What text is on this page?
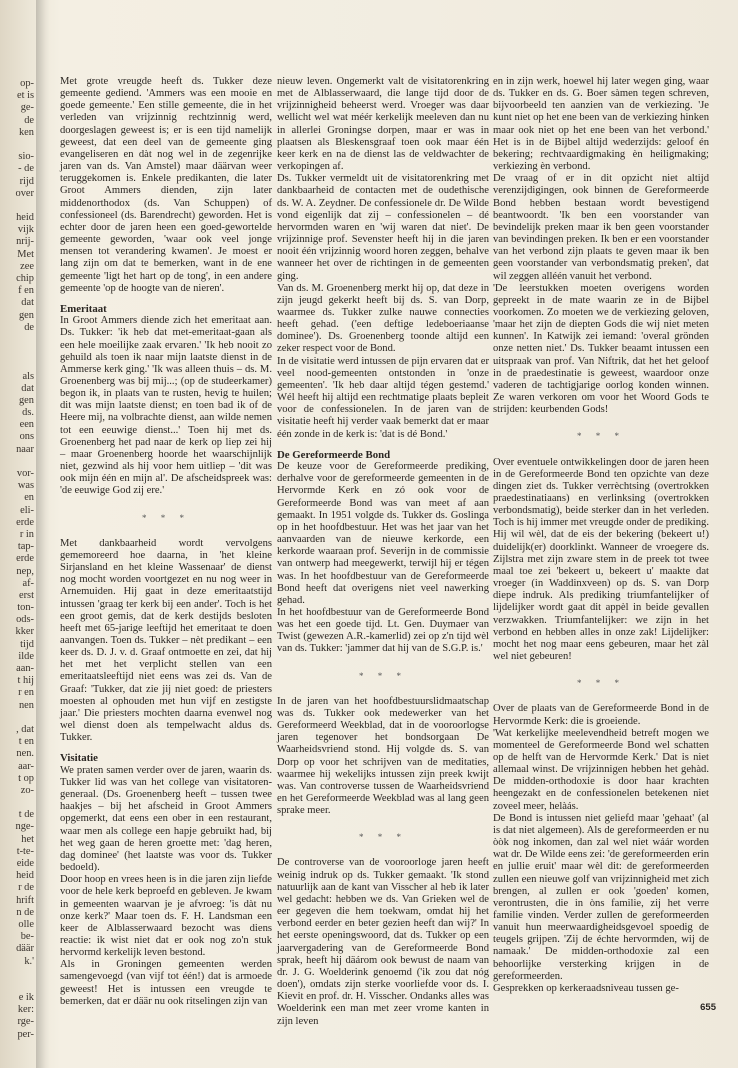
op-
et is
ge-
de
ken
sio-
- de
rijd
over
heid
vijk
nrij-
Met
zee
chip
f en
dat
gen
de
als
dat
gen
ds.
een
ons
naar
vor-
was
en
eli-
erde
r in
tap-
erde
nep,
af-
erst
ton-
ods-
kker
tijd
ilde
aan-
t hij
r en
nen
, dat
t en
nen.
aar-
t op
zo-
t de
nge-
het
t-te-
eide
heid
r de
hrift
n de
olle
be-
däär
k.'
e ik
ker:
rge-
per-

Met grote vreugde heeft ds. Tukker deze gemeente gediend. 'Ammers was een mooie en goede gemeente.' Een stille gemeente, die in het verleden van vrijzinnig rechtzinnig werd, doorgeslagen geweest is; er is een tijd namelijk geweest, dat een deel van de gemeente ging evangeliseren en dàt nog wel in de zegenrijke jaren van ds. Van Amstel) maar däärvan weer teruggekomen is. Enkele predikanten, die later Groot Ammers dienden, zijn later middenorthodox (ds. Van Schuppen) of confessioneel (ds. Barendrecht) geworden. Het is echter door de jaren heen een goed-gewortelde gemeente geworden, 'waar ook veel jonge mensen tot verandering kwamen'. Je moest er lang zijn om dat te bemerken, want in de ene gemeente 'ligt het hart op de tong', in een andere gemeente 'op de hoogte van de nieren'.

Emeritaat

In Groot Ammers diende zich het emeritaat aan. Ds. Tukker: 'ik heb dat met-emeritaat-gaan als een hele moeilijke zaak ervaren.' 'Ik heb nooit zo gehuild als toen ik naar mijn laatste dienst in de Ammerse kerk ging.' 'Ik was alleen thuis – ds. M. Groenenberg was bij mij...; (op de studeerkamer) begon ik, in plaats van te rusten, hevig te huilen; dit was mijn laatste dienst; en toen bad ik of de Heere mij, na volbrachte dienst, aan wilde nemen tot een eeuwige dienst...' Toen hij met ds. Groenenberg het pad naar de kerk op liep zei hij – maar Groenenberg hoorde het waarschijnlijk niet, gezwind als hij voor hem uitliep – 'dit was ook mijn één en mijn al'. De afscheidspreek was: 'de eeuwige God zij ere.'

* * *

Met dankbaarheid wordt vervolgens gememoreerd hoe daarna, in 'het kleine Sirjansland en het kleine Wassenaar' de dienst nog mocht worden voortgezet en nu nog weer in Arnemuiden. Hij gaat in deze emeritaatstijd intussen 'graag ter kerk bij een ander'. Toch is het een groot gemis, dat de kerk destijds besloten heeft met 65-jarige leeftijd het emeritaat te doen aanvangen. Toen ds. Tukker – nèt predikant – een keer ds. D. J. v. d. Graaf ontmoette en zei, dat hij het met het verplicht stellen van een emeritaatsleeftijd niet eens was zei ds. Van de Graaf: 'Tukker, dat zie jij niet goed: de priesters moesten al ophouden met hun vijf en zestigste jaar.' Die priesters mochten daarna evenwel nog wel dienst doen als tempelwacht aldus ds. Tukker.

Visitatie

We praten samen verder over de jaren, waarin ds. Tukker lid was van het college van visitatoren-generaal. (Ds. Groenenberg heeft – tussen twee haakjes – bij het afscheid in Groot Ammers opgemerkt, dat eens een ober in een restaurant, waar men als college een hapje gebruikt had, bij het weg gaan de heren groette met: 'dag heren, dag dominee' (het laatste was voor ds. Tukker bedoeld).

Door hoop en vrees heen is in die jaren zijn liefde voor de hele kerk beproefd en gebleven. Je kwam in gemeenten waarvan je je afvroeg: 'is dàt nu onze kerk?' Maar toen ds. F. H. Landsman een keer de Alblasserwaard bezocht was diens reactie: ik wist niet dat er ook nog zo'n stuk hervormd kerkelijk leven bestond.

Als in Groningen gemeenten werden samengevoegd (van vijf tot één!) dat is armoede geweest! Het is intussen een vreugde te bemerken, dat er däär nu ook ritselingen zijn van

nieuw leven. Ongemerkt valt de visitatorenkring met de Alblasserwaard, die lange tijd door de vrijzinnigheid beheerst werd. Vroeger was daar wellicht wel wat méér kerkelijk meeleven dan nu in allerlei Groningse dorpen, maar er was in plaatsen als Bleskensgraaf toen ook maar één keer kerk en na de dienst las de veldwachter de verkopingen af.

Ds. Tukker vermeldt uit de visitatorenkring met dankbaarheid de contacten met de oudethische ds. W. A. Zeydner. De confessionele dr. De Wilde vond eigenlijk dat zij – confessionelen – dé hervormden waren en 'wij waren dat niet'. De vrijzinnige prof. Sevenster heeft hij in die jaren nooit één vrijzinnig woord horen zeggen, behalve wanneer het over de richtingen in de gemeenten ging.

Van ds. M. Groenenberg merkt hij op, dat deze in zijn jeugd gekerkt heeft bij ds. S. van Dorp, waarmee ds. Tukker zulke nauwe connecties heeft gehad. ('een deftige ledeboeriaanse dominee'). Ds. Groenenberg toonde altijd een zeker respect voor de Bond.

In de visitatie werd intussen de pijn ervaren dat er veel nood-gemeenten ontstonden in 'onze gemeenten'. 'Ik heb daar altijd tégen gestemd.' Wél heeft hij altijd een rechtmatige plaats bepleit voor de confessionelen. In de jaren van de visitatie heeft hij verder vaak bemerkt dat er maar één zonde in de kerk is: 'dat is dé Bond.'

De Gereformeerde Bond

De keuze voor de Gereformeerde prediking, derhalve voor de gereformeerde gemeenten in de Hervormde Kerk en zó ook voor de Gereformeerde Bond was van meet af aan gemaakt. In 1951 volgde ds. Tukker ds. Goslinga op in het hoofdbestuur. Het was het jaar van het aanvaarden van de nieuwe kerkorde, een kerkorde waaraan prof. Severijn in de commissie van ontwerp had meegewerkt, terwijl hij er tégen was. In het hoofdbestuur van de Gereformeerde Bond heeft dat overigens niet veel nawerking gehad.

In het hoofdbestuur van de Gereformeerde Bond was het een goede tijd. Lt. Gen. Duymaer van Twist (gewezen A.R.-kamerlid) zei op z'n tijd wèl van ds. Tukker: 'jammer dat hij van de S.G.P. is.'

* * *

In de jaren van het hoofdbestuurslidmaatschap was ds. Tukker ook medewerker van het Gereformeerd Weekblad, dat in de vooroorlogse jaren tegenover het bondsorgaan De Waarheidsvriend stond. Hij volgde ds. S. van Dorp op voor het schrijven van de meditaties, waarmee hij wekelijks intussen zijn preek kwijt was. Van controverse tussen de Waarheidsvriend en het Gereformeerde Weekblad was al lang geen sprake meer.

* * *

De controverse van de vooroorloge jaren heeft weinig indruk op ds. Tukker gemaakt. 'Ik stond natuurlijk aan de kant van Visscher al heb ik later wel gedacht: hebben we ds. Van Grieken wel de eer gegeven die hem toekwam, omdat hij het verbond eerder en beter gezien heeft dan wij?' In het eerste openingswoord, dat ds. Tukker op een jaarvergadering van de Gereformeerde Bond sprak, heeft hij däárom ook bewust de naam van dr. J. G. Woelderink genoemd ('ik zou dat nóg doen'), omdats zijn sterke voorliefde voor ds. I. Kievit en prof. dr. H. Visscher. Ondanks alles was Woelderink een man met zeer vrome kanten in zijn leven

en in zijn werk, hoewel hij later wegen ging, waar ds. Tukker en ds. G. Boer sàmen tegen schreven, bijvoorbeeld ten aanzien van de verkiezing. 'Je kunt niet op het ene been van de verkiezing hinken maar ook niet op het ene been van het verbond.' Het is in de Bijbel altijd wederzijds: geloof én bekering; rechtvaardigmaking èn heiligmaking; verkiezing èn verbond.

De vraag of er in dit opzicht niet altijd verenzijdigingen, ook binnen de Gereformeerde Bond hebben bestaan wordt bevestigend beantwoordt. 'Ik ben een voorstander van bevindelijk preken maar ik ben geen voorstander van bevindingen preken. Ik ben er een voorstander van het verbond zijn plaats te geven maar ik ben geen voorstander van verbondsmatig preken', dat wil zeggen alléén vanuit het verbond.

'De leerstukken moeten overigens worden gepreekt in de mate waarin ze in de Bijbel voorkomen. Zo moeten we de verkiezing geloven, 'maar het zijn de diepten Gods die wij niet meten kunnen'. In Katwijk zei iemand: 'overal grönden onze netten niet.' Ds. Tukker beaamt intussen een uitspraak van prof. Van Niftrik, dat het het geloof in de praedestinatie is geweest, waardoor onze vaderen de tachtigjarige oorlog konden winnen. Ze waren verkoren om voor het Woord Gods te strijden: keurbenden Gods!

* * *

Over eventuele ontwikkelingen door de jaren heen in de Gereformeerde Bond ten opzichte van deze dingen ziet ds. Tukker verrèchtsing (overtrokken praedestinatiaans) en verlinksing (overtrokken verbondsmatig), beide sterker dan in het verleden. Toch is hij immer met vreugde onder de prediking. Hij wil wèl, dat de eis der bekering (bekeert u!) duidelijk(er) doorklinkt. Wanneer de vroegere ds. Zijlstra met zijn zware stem in de preek tot twee maal toe zei 'bekeert u, bekeert u' maakte dat vroeger (in Waddinxveen) op ds. S. van Dorp diepe indruk. Als prediking triumfantelijker of lijdelijker wordt gaat dit appèl in beide gevallen verzwakken. Triumfantelijker: we zijn in het verbond en hebben alles in onze zak! Lijdelijker: mocht het nog maar eens gebeuren, maar het zàl wel niet gebeuren!

* * *

Over de plaats van de Gereformeerde Bond in de Hervormde Kerk: die is groeiende.

'Wat kerkelijke meelevendheid betreft mogen we momenteel de Gereformeerde Bond wel schatten op de helft van de Hervormde Kerk.' Dat is niet allemaal winst. De vrijzinnigen hebben het gehàd. De midden-orthodoxie is door haar krachten heengezakt en de confessionelen betekenen niet zoveel meer, helàás.

De Bond is intussen niet geliefd maar 'gehaat' (al is dat niet algemeen). Als de gereformeerden er nu òòk nog inkomen, dan zal wel niet wáár worden wat dr. De Wilde eens zei: 'de gereformeerden erin en jullie eruit' maar wèl dit: de gereformeerden zullen een nieuwe golf van vrijzinnigheid met zich brengen, al zullen er ook 'goeden' komen, verontrusten, die in òns familie, zij het verre familie vinden. Verder zullen de gereformeerden vanuit hun meerwaardigheidsgevoel spoedig de teugels grijpen. 'Zij de échte hervormden, wij de namaak.' De midden-orthodoxie zal een behoorlijke versterking krijgen in de gereformeerden.

Gesprekken op kerkeraadsniveau tussen ge-

655
